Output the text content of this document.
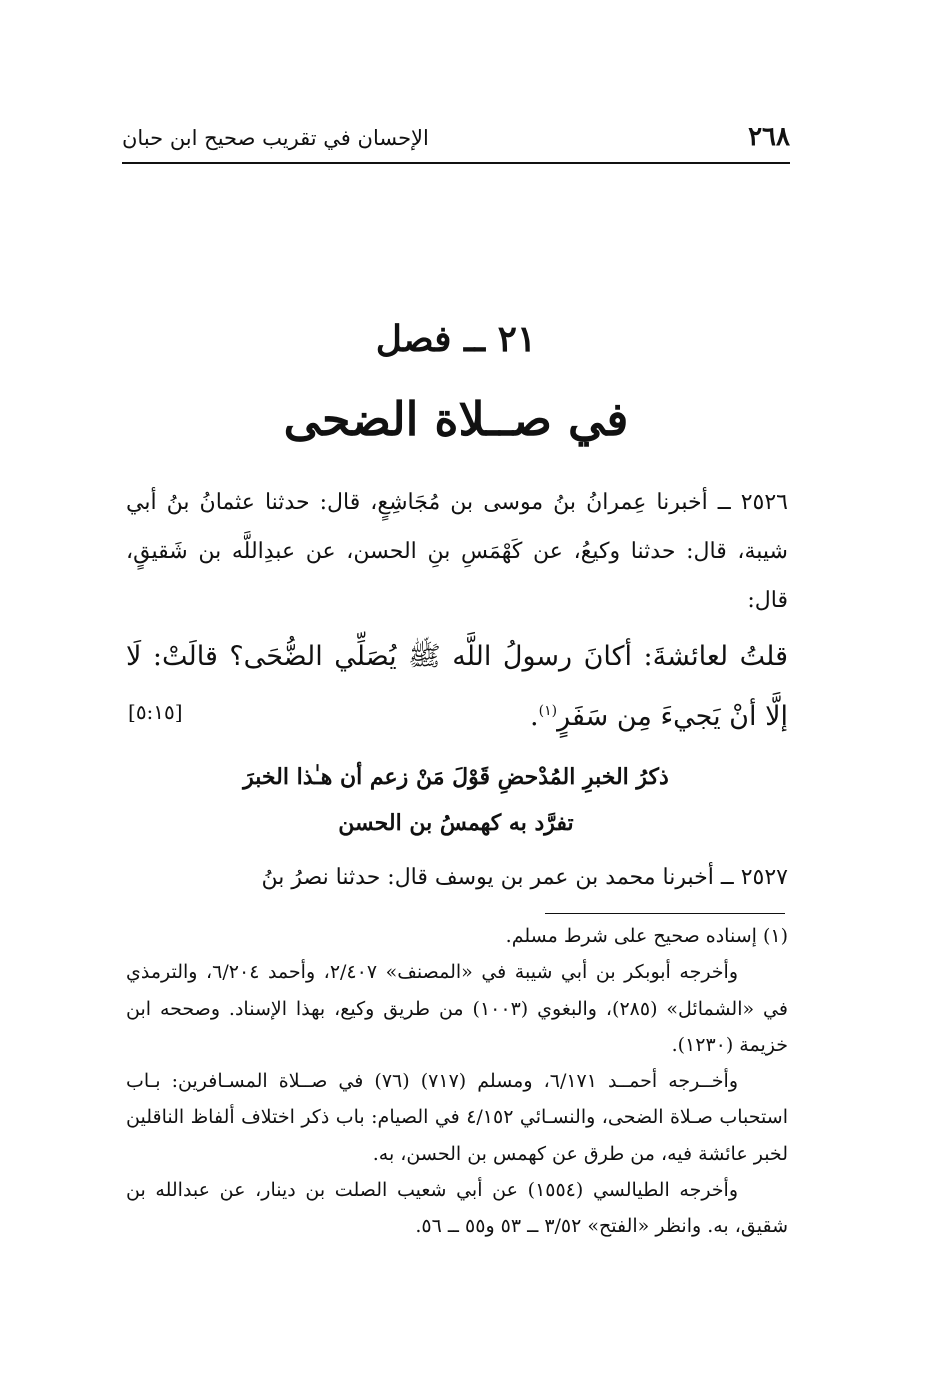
٢٦٨
الإحسان في تقريب صحيح ابن حبان
٢١ ــ فصل
في صــلاة الضحى

٢٥٢٦ ــ أخبرنا عِمرانُ بنُ موسى بن مُجَاشِعٍ، قال: حدثنا عثمانُ بنُ أبي شيبة، قال: حدثنا وكيعُ، عن كَهْمَسِ بنِ الحسن، عن عبدِاللَّه بن شَقيقٍ، قال:

قلتُ لعائشةَ: أكانَ رسولُ اللَّه ﷺ يُصَلِّي الضُّحَى؟ قالَتْ: لَا إلَّا أنْ يَجيءَ مِن سَفَرٍ$^{(١)}$.

[٥:١٥]
ذكرُ الخبرِ المُدْحضِ قَوْلَ مَنْ زعم أن هـٰذا الخبرَ
تفرَّد به كهمسُ بن الحسن

٢٥٢٧ ــ أخبرنا محمد بن عمر بن يوسف قال: حدثنا نصرُ بنُ

(١) إسناده صحيح على شرط مسلم.

وأخرجه أبوبكر بن أبي شيبة في «المصنف» ٢/٤٠٧، وأحمد ٦/٢٠٤، والترمذي في «الشمائل» (٢٨٥)، والبغوي (١٠٠٣) من طريق وكيع، بهذا الإسناد. وصححه ابن خزيمة (١٢٣٠).

وأخــرجه أحمــد ٦/١٧١، ومسلم (٧١٧) (٧٦) في صــلاة المسـافرين: بـاب استحباب صـلاة الضحى، والنسـائي ٤/١٥٢ في الصيام: باب ذكر اختلاف ألفاظ الناقلين لخبر عائشة فيه، من طرق عن كهمس بن الحسن، به.

وأخرجه الطيالسي (١٥٥٤) عن أبي شعيب الصلت بن دينار، عن عبدالله بن شقيق، به. وانظر «الفتح» ٣/٥٢ ــ ٥٣ و٥٥ ــ ٥٦.
